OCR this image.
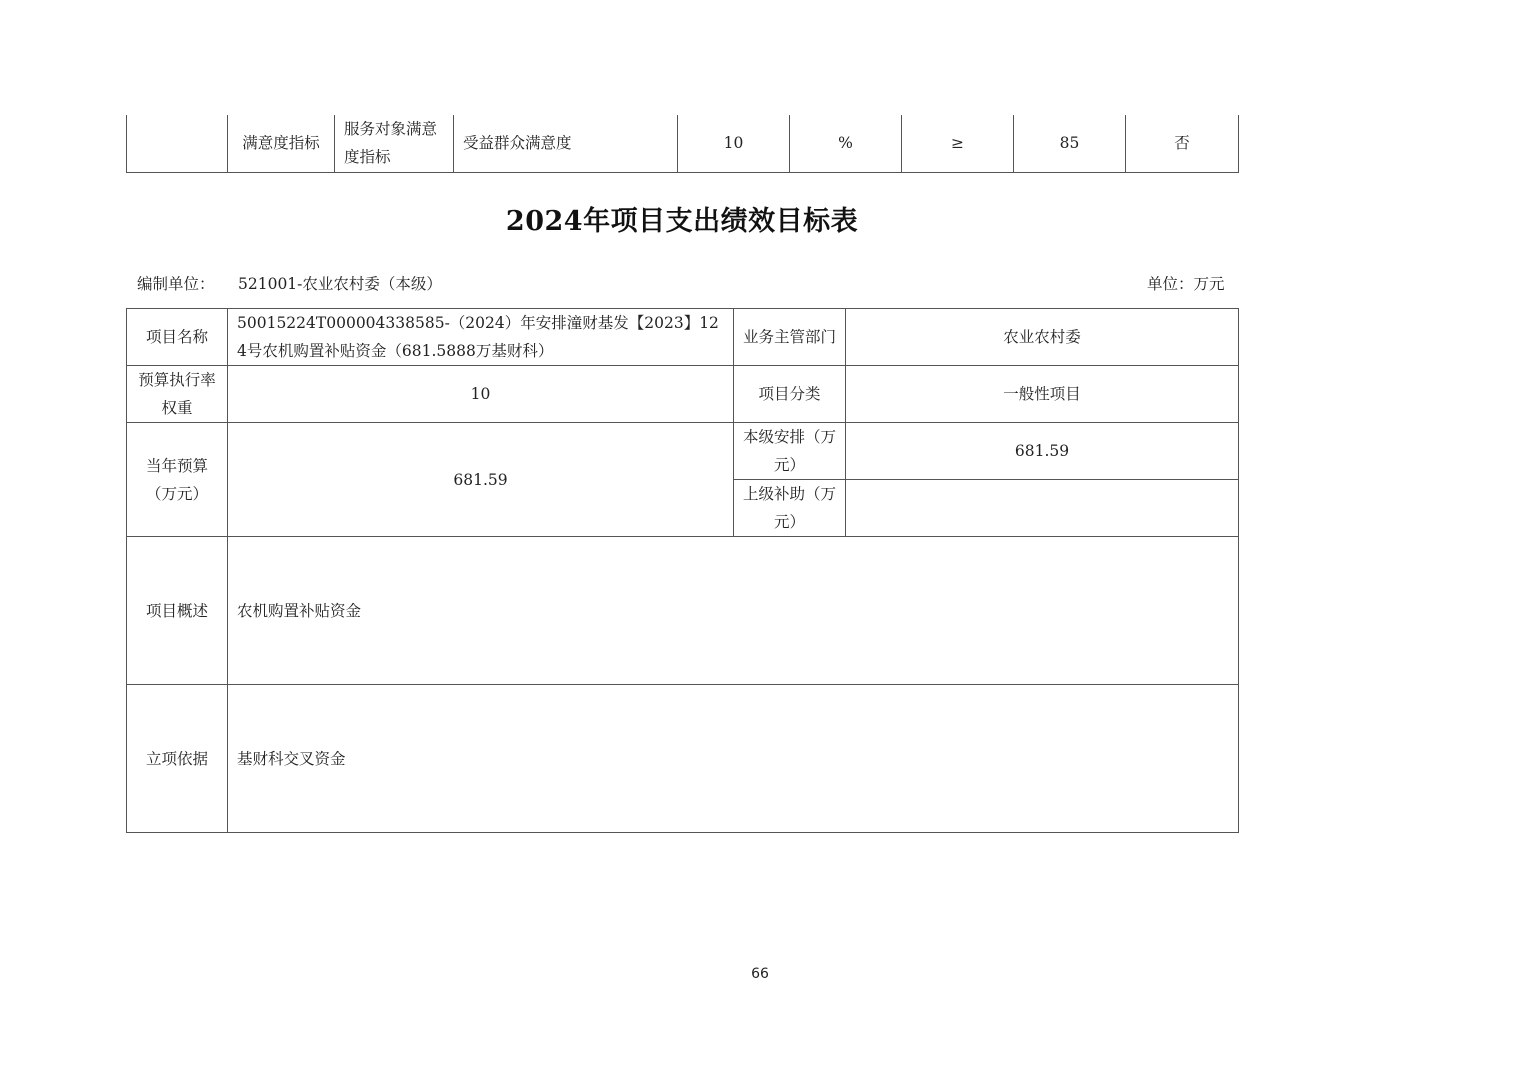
	满意度指标	服务对象满意度指标	受益群众满意度	10	%	≥	85	否
2024年项目支出绩效目标表
编制单位： 521001-农业农村委（本级）	单位：万元
项目名称	50015224T000004338585-（2024）年安排潼财基发【2023】124号农机购置补贴资金（681.5888万基财科）	业务主管部门	农业农村委
预算执行率权重	10	项目分类	一般性项目
当年预算（万元）	681.59	本级安排（万元）	681.59
		上级补助（万元）	
项目概述	农机购置补贴资金		
立项依据	基财科交叉资金		
66
